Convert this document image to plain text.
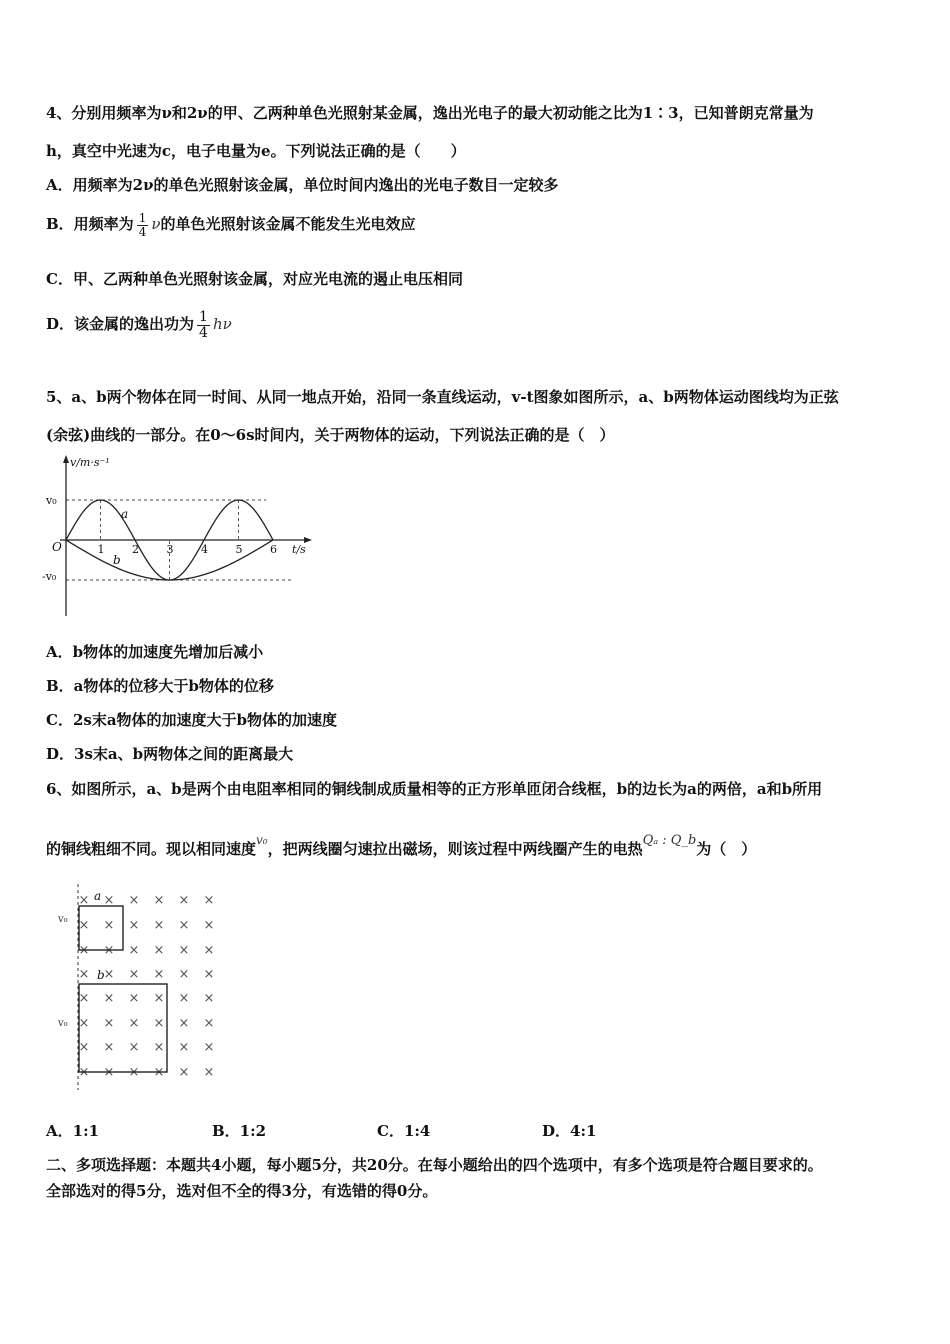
4、分别用频率为ν和2ν的甲、乙两种单色光照射某金属，逸出光电子的最大初动能之比为1∶3，已知普朗克常量为
h，真空中光速为c，电子电量为e。下列说法正确的是（　　）
A．用频率为2ν的单色光照射该金属，单位时间内逸出的光电子数目一定较多
B．用频率为 $\frac{1}{4}$ ν的单色光照射该金属不能发生光电效应
C．甲、乙两种单色光照射该金属，对应光电流的遏止电压相同
D．该金属的逸出功为 $\frac{1}{4}$ hν
5、a、b两个物体在同一时间、从同一地点开始，沿同一条直线运动，v-t图象如图所示，a、b两物体运动图线均为正弦
(余弦)曲线的一部分。在0～6s时间内，关于两物体的运动，下列说法正确的是（　）
1	2	3	4	5	6
v/m·s⁻¹
t/s
O
v₀
-v₀
a
b
A．b物体的加速度先增加后减小
B．a物体的位移大于b物体的位移
C．2s末a物体的加速度大于b物体的加速度
D．3s末a、b两物体之间的距离最大
6、如图所示，a、b是两个由电阻率相同的铜线制成质量相等的正方形单匝闭合线框，b的边长为a的两倍，a和b所用
的铜线粗细不同。现以相同速度$^{v_0}$，把两线圈匀速拉出磁场，则该过程中两线圈产生的电热Qₐ : Q_b为（　）
× × × × × ×
× × × × × ×
× × × × × ×
× × × × × ×
× × × × × ×
× × × × × ×
× × × × × ×
× × × × × ×
a
b
v₀
v₀
A．1:1	B．1:2	C．1:4	D．4:1
二、多项选择题：本题共4小题，每小题5分，共20分。在每小题给出的四个选项中，有多个选项是符合题目要求的。
全部选对的得5分，选对但不全的得3分，有选错的得0分。
